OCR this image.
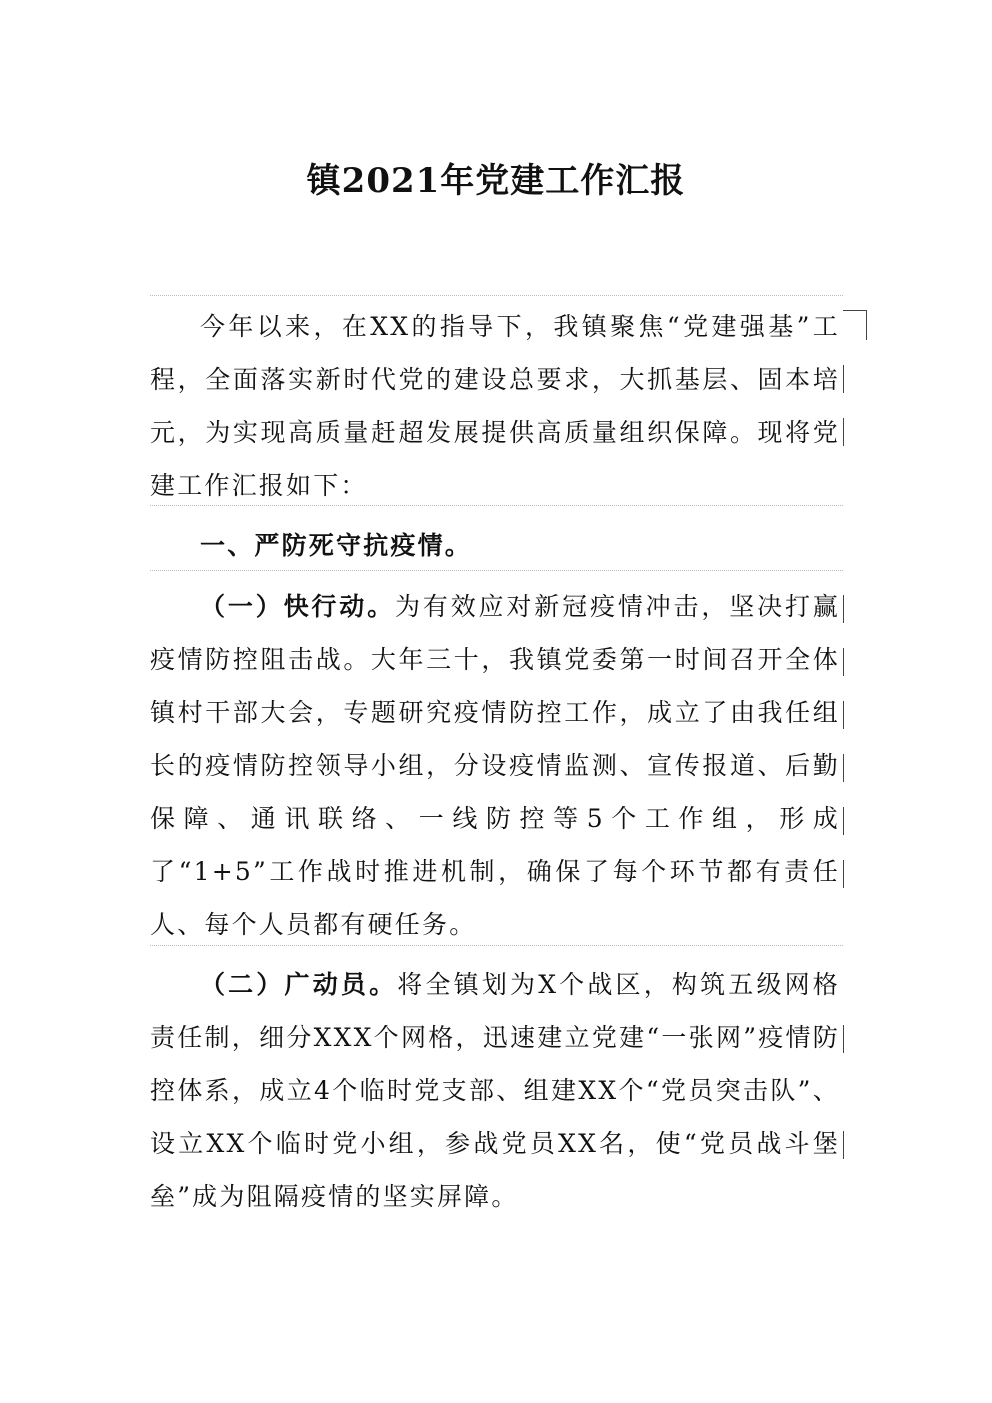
镇2021年党建工作汇报

今年以来，在XX的指导下，我镇聚焦“党建强基”工程，全面落实新时代党的建设总要求，大抓基层、固本培元，为实现高质量赶超发展提供高质量组织保障。现将党建工作汇报如下：

一、严防死守抗疫情。

（一）快行动。为有效应对新冠疫情冲击，坚决打赢疫情防控阻击战。大年三十，我镇党委第一时间召开全体镇村干部大会，专题研究疫情防控工作，成立了由我任组长的疫情防控领导小组，分设疫情监测、宣传报道、后勤保障、通讯联络、一线防控等5个工作组，形成了“1+5”工作战时推进机制，确保了每个环节都有责任人、每个人员都有硬任务。

（二）广动员。将全镇划为X个战区，构筑五级网格责任制，细分XXX个网格，迅速建立党建“一张网”疫情防控体系，成立4个临时党支部、组建XX个“党员突击队”、设立XX个临时党小组，参战党员XX名，使“党员战斗堡垒”成为阻隔疫情的坚实屏障。
